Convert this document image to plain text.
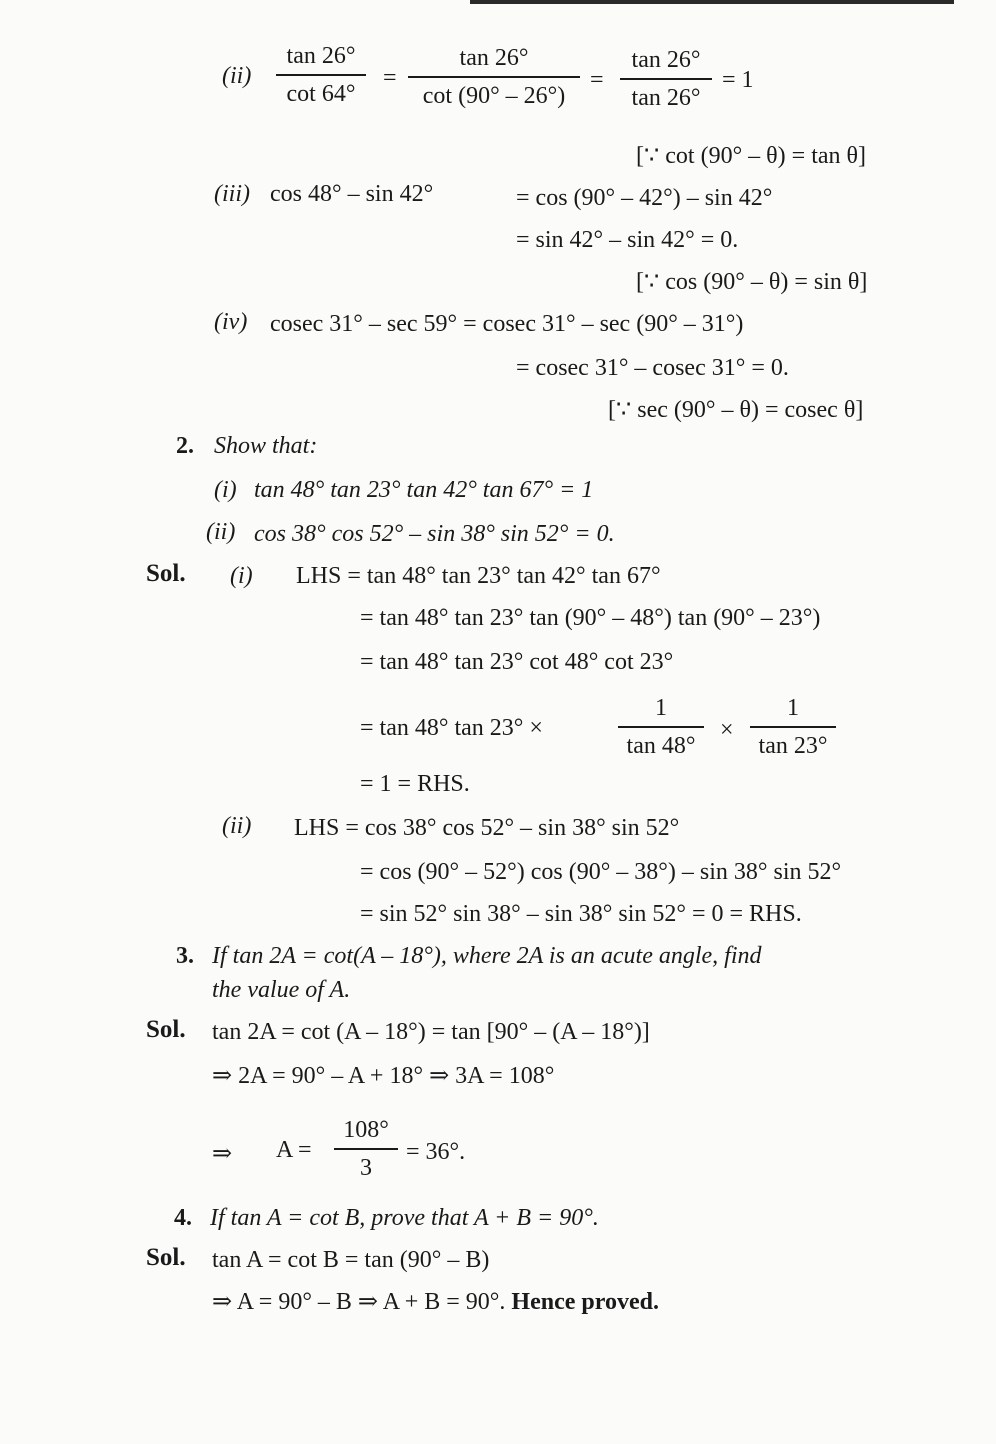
(ii)
tan 26°
cot 64°
=
tan 26°
cot (90° – 26°)
=
tan 26°
tan 26°
= 1
[∵ cot (90° – θ) = tan θ]
(iii) cos 48° – sin 42°	= cos (90° – 42°) – sin 42°
= sin 42° – sin 42° = 0.
[∵ cos (90° – θ) = sin θ]
(iv) cosec 31° – sec 59° = cosec 31° – sec (90° – 31°)
= cosec 31° – cosec 31° = 0.
[∵ sec (90° – θ) = cosec θ]
2. Show that:
(i) tan 48° tan 23° tan 42° tan 67° = 1
(ii) cos 38° cos 52° – sin 38° sin 52° = 0.
Sol. (i) LHS = tan 48° tan 23° tan 42° tan 67°
= tan 48° tan 23° tan (90° – 48°) tan (90° – 23°)
= tan 48° tan 23° cot 48° cot 23°
= tan 48° tan 23° ×
1
tan 48°
×
1
tan 23°
= 1 = RHS.
(ii) LHS = cos 38° cos 52° – sin 38° sin 52°
= cos (90° – 52°) cos (90° – 38°) – sin 38° sin 52°
= sin 52° sin 38° – sin 38° sin 52° = 0 = RHS.
3. If tan 2A = cot(A – 18°), where 2A is an acute angle, find
the value of A.
Sol. tan 2A = cot (A – 18°) = tan [90° – (A – 18°)]
⇒ 2A = 90° – A + 18° ⇒ 3A = 108°
⇒ A =
108°
3
= 36°.
4. If tan A = cot B, prove that A + B = 90°.
Sol. tan A = cot B = tan (90° – B)
⇒ A = 90° – B ⇒ A + B = 90°. Hence proved.
